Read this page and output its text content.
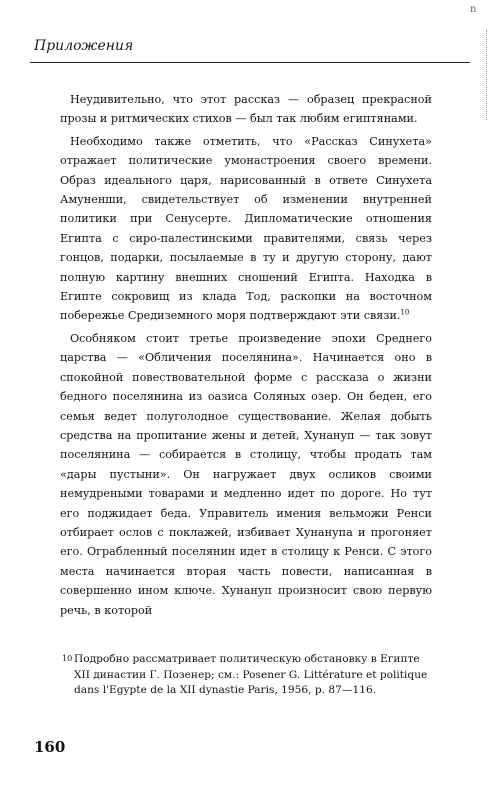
n
Приложения

Неудивительно, что этот рассказ — образец прекрасной прозы и ритмических стихов — был так любим египтянами.

Необходимо также отметить, что «Рассказ Синухета» отражает политические умонастроения своего времени. Образ идеального царя, нарисованный в ответе Синухета Амуненши, свидетельствует об изменении внутренней политики при Сенусерте. Дипломатические отношения Египта с сиро-палестинскими правителями, связь через гонцов, подарки, посылаемые в ту и другую сторону, дают полную картину внешних сношений Египта. Находка в Египте сокровищ из клада Тод, раскопки на восточном побережье Средиземного моря подтверждают эти связи.$^{10}$

Особняком стоит третье произведение эпохи Среднего царства — «Обличения поселянина». Начинается оно в спокойной повествовательной форме с рассказа о жизни бедного поселянина из оазиса Соляных озер. Он беден, его семья ведет полуголодное существование. Желая добыть средства на пропитание жены и детей, Хунануп — так зовут поселянина — собирается в столицу, чтобы продать там «дары пустыни». Он нагружает двух осликов своими немудреными товарами и медленно идет по дороге. Но тут его поджидает беда. Управитель имения вельможи Ренси отбирает ослов с поклажей, избивает Хунанупа и прогоняет его. Ограбленный поселянин идет в столицу к Ренси. С этого места начинается вторая часть повести, написанная в совершенно ином ключе. Хунануп произносит свою первую речь, в которой

10 Подробно рассматривает политическую обстановку в Египте XII династии Г. Позенер; см.: Posener G. Littérature et politique dans l'Egypte de la XII dynastie Paris, 1956, p. 87—116.
160
